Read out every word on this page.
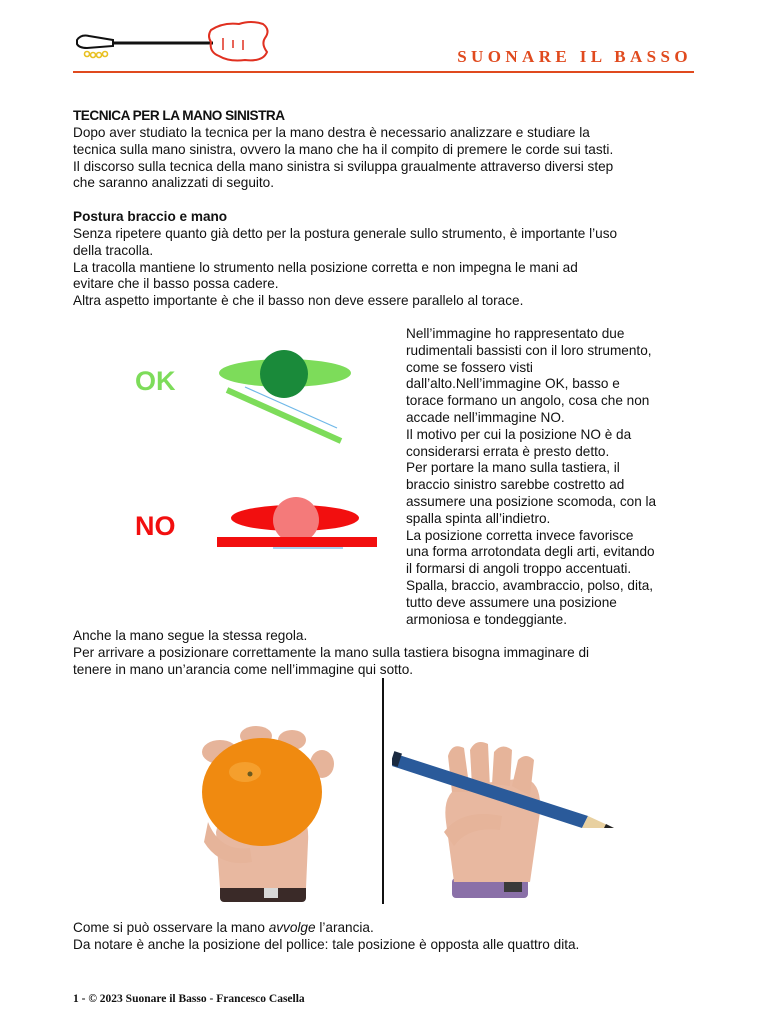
SUONARE IL BASSO
TECNICA PER LA MANO SINISTRA

Dopo aver studiato la tecnica per la mano destra è necessario analizzare e studiare la

tecnica sulla mano sinistra, ovvero la mano che ha il compito di premere le corde sui tasti.

Il discorso sulla tecnica della mano sinistra si sviluppa graualmente attraverso diversi step

che saranno analizzati di seguito.

Postura braccio e mano

Senza ripetere quanto già detto per la postura generale sullo strumento, è importante l’uso

della tracolla.

La tracolla mantiene lo strumento nella posizione corretta e non impegna le mani ad

evitare che il basso possa cadere.

Altra aspetto importante è che il basso non deve essere parallelo al torace.

OK
NO

Nell’immagine ho rappresentato due

rudimentali bassisti con il loro strumento,

come se fossero visti

dall’alto.Nell’immagine OK, basso e

torace formano un angolo, cosa che non

accade nell’immagine NO.

Il motivo per cui la posizione NO è da

considerarsi errata è presto detto.

Per portare la mano sulla tastiera, il

braccio sinistro sarebbe costretto ad

assumere una posizione scomoda, con la

spalla spinta all’indietro.

La posizione corretta invece favorisce

una forma arrotondata degli arti, evitando

il formarsi di angoli troppo accentuati.

Spalla, braccio, avambraccio, polso, dita,

tutto deve assumere una posizione

armoniosa e tondeggiante.

Anche la mano segue la stessa regola.

Per arrivare a posizionare correttamente la mano sulla tastiera bisogna immaginare di

tenere in mano un’arancia come nell’immagine qui sotto.

Come si può osservare la mano avvolge l’arancia.

Da notare è anche la posizione del pollice: tale posizione è opposta alle quattro dita.

1 - © 2023 Suonare il Basso - Francesco Casella
